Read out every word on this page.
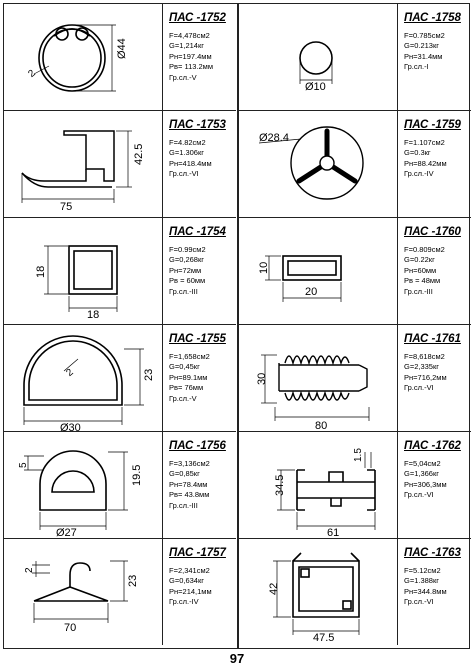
Ø44
2
ПАС -1752
F=4,478см2
G=1,214кг
Рн=197.4мм
Рв= 113.2мм
Гр.сл.-V
42.5
75
ПАС -1753
F=4.82см2
G=1.306кг
Рн=418.4мм
Гр.сл.-VI
18
18
ПАС -1754
F=0.99см2
G=0,268кг
Рн=72мм
Рв = 60мм
Гр.сл.-III
23
2
Ø30
ПАС -1755
F=1,658см2
G=0,45кг
Рн=89.1мм
Рв= 76мм
Гр.сл.-V
5	19.5
Ø27
ПАС -1756
F=3,136см2
G=0,85кг
Рн=78.4мм
Рв= 43.8мм
Гр.сл.-III
2
23
70
ПАС -1757
F=2,341см2
G=0,634кг
Рн=214,1мм
Гр.сл.-IV
Ø10
ПАС -1758
F=0.785см2
G=0.213кг
Рн=31.4мм
Гр.сл.-I
Ø28.4
ПАС -1759
F=1.107см2
G=0.3кг
Рн=88.42мм
Гр.сл.-IV
10
20
ПАС -1760
F=0.809см2
G=0.22кг
Рн=60мм
Рв = 48мм
Гр.сл.-III
30
80
ПАС -1761
F=8,618см2
G=2,335кг
Рн=716,2мм
Гр.сл.-VI
34.5
1.5
61
ПАС -1762
F=5,04см2
G=1,366кг
Рн=306,3мм
Гр.сл.-VI
42
47.5
ПАС -1763
F=5.12см2
G=1.388кг
Рн=344.8мм
Гр.сл.-VI
97
